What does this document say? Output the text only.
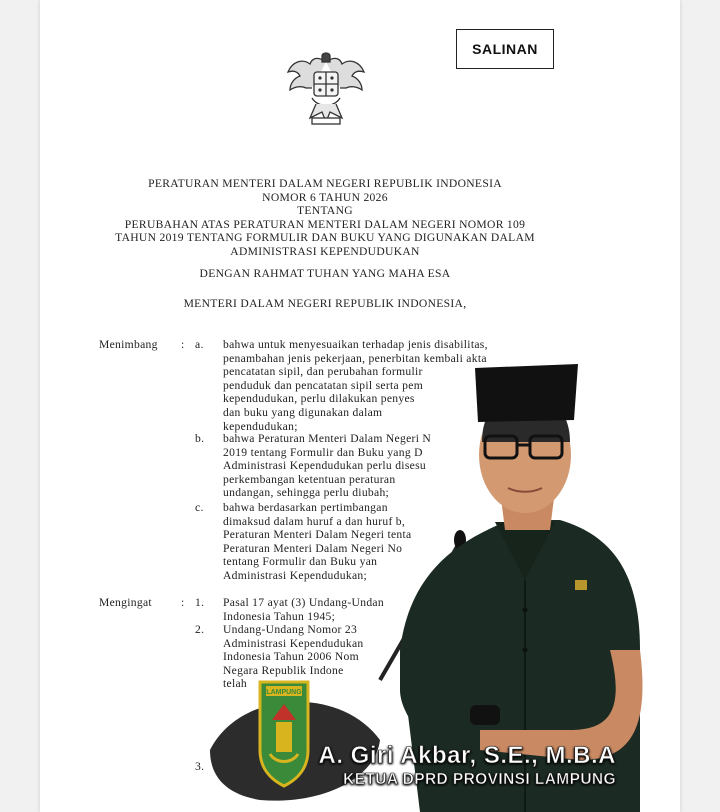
SALINAN
PERATURAN MENTERI DALAM NEGERI REPUBLIK INDONESIA
NOMOR 6 TAHUN 2026
TENTANG
PERUBAHAN ATAS PERATURAN MENTERI DALAM NEGERI NOMOR 109
TAHUN 2019 TENTANG FORMULIR DAN BUKU YANG DIGUNAKAN DALAM
ADMINISTRASI KEPENDUDUKAN
DENGAN RAHMAT TUHAN YANG MAHA ESA
MENTERI DALAM NEGERI REPUBLIK INDONESIA,
Menimbang : a. bahwa untuk menyesuaikan terhadap jenis disabilitas,
penambahan jenis pekerjaan, penerbitan kembali akta
pencatatan sipil, dan perubahan formulir
penduduk dan pencatatan sipil serta pem
kependudukan, perlu dilakukan penyes
dan buku yang digunakan dalam
kependudukan;
b. bahwa Peraturan Menteri Dalam Negeri N
2019 tentang Formulir dan Buku yang D
Administrasi Kependudukan perlu disesu
perkembangan ketentuan peraturan
undangan, sehingga perlu diubah;
c. bahwa berdasarkan pertimbangan
dimaksud dalam huruf a dan huruf b,
Peraturan Menteri Dalam Negeri tenta
Peraturan Menteri Dalam Negeri No
tentang Formulir dan Buku yan
Administrasi Kependudukan;
Mengingat	: 1. Pasal 17 ayat (3) Undang-Undan
Indonesia Tahun 1945;
2. Undang-Undang Nomor 23
Administrasi Kependudukan
Indonesia Tahun 2006 Nom
Negara Republik Indone
telah
3.
LAMPUNG
A. Giri Akbar, S.E., M.B.A
KETUA DPRD PROVINSI LAMPUNG
